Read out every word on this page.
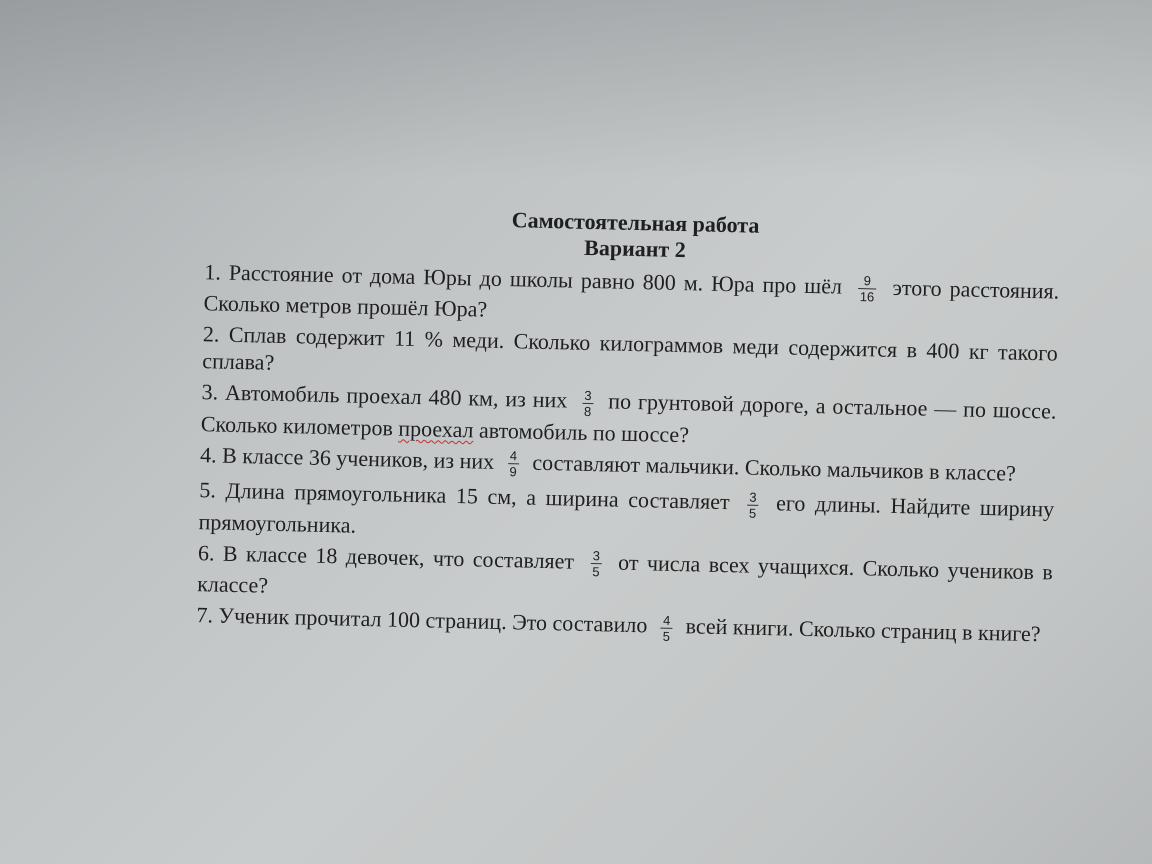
Самостоятельная работа
Вариант 2
1. Расстояние от дома Юры до школы равно 800 м. Юра про шёл $\frac{9}{16}$ этого расстояния. Сколько метров прошёл Юра?
2. Сплав содержит 11 % меди. Сколько килограммов меди содержится в 400 кг такого сплава?
3. Автомобиль проехал 480 км, из них $\frac{3}{8}$ по грунтовой дороге, а остальное — по шоссе. Сколько километров проехал автомобиль по шоссе?
4. В классе 36 учеников, из них $\frac{4}{9}$ составляют мальчики. Сколько мальчиков в классе?
5. Длина прямоугольника 15 см, а ширина составляет $\frac{3}{5}$ его длины. Найдите ширину прямоугольника.
6. В классе 18 девочек, что составляет $\frac{3}{5}$ от числа всех учащихся. Сколько учеников в классе?
7. Ученик прочитал 100 страниц. Это составило $\frac{4}{5}$ всей книги. Сколько страниц в книге?
